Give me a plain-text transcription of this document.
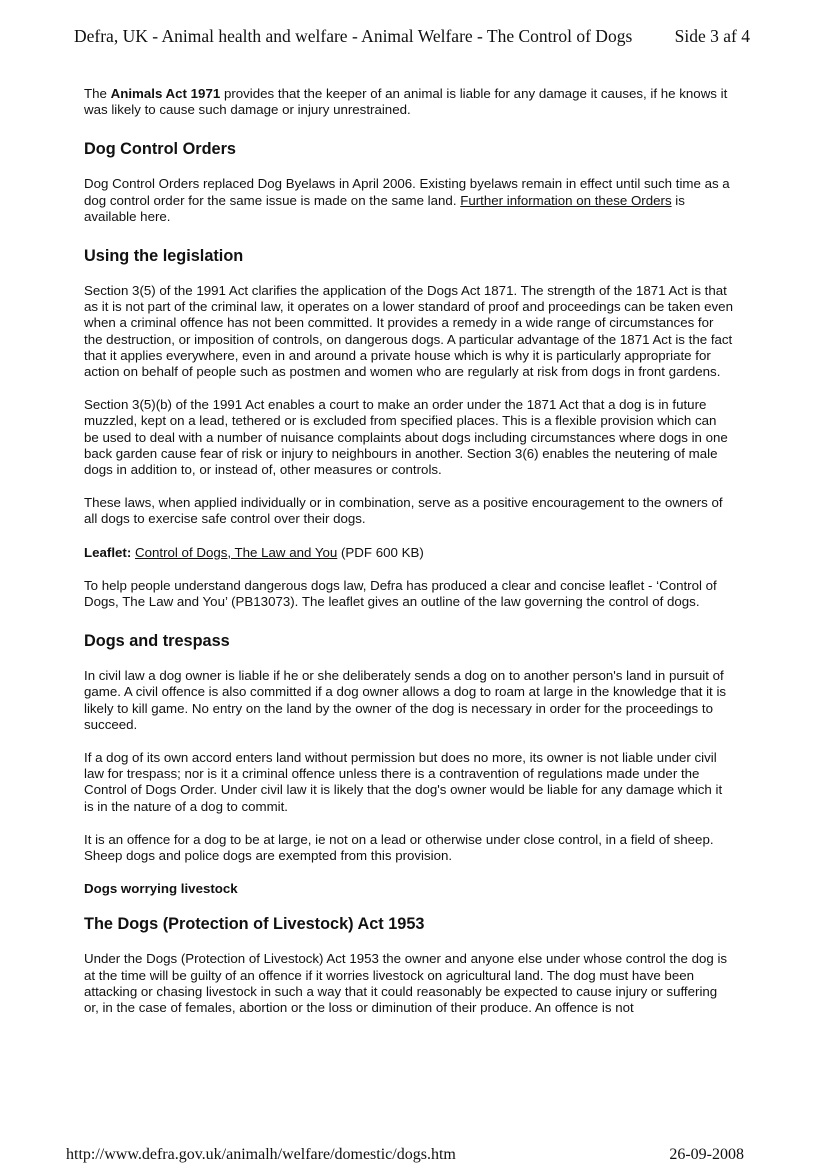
Defra, UK - Animal health and welfare - Animal Welfare - The Control of Dogs Side 3 af 4

The Animals Act 1971 provides that the keeper of an animal is liable for any damage it causes, if he knows it was likely to cause such damage or injury unrestrained.

Dog Control Orders

Dog Control Orders replaced Dog Byelaws in April 2006. Existing byelaws remain in effect until such time as a dog control order for the same issue is made on the same land. Further information on these Orders is available here.

Using the legislation

Section 3(5) of the 1991 Act clarifies the application of the Dogs Act 1871. The strength of the 1871 Act is that as it is not part of the criminal law, it operates on a lower standard of proof and proceedings can be taken even when a criminal offence has not been committed. It provides a remedy in a wide range of circumstances for the destruction, or imposition of controls, on dangerous dogs. A particular advantage of the 1871 Act is the fact that it applies everywhere, even in and around a private house which is why it is particularly appropriate for action on behalf of people such as postmen and women who are regularly at risk from dogs in front gardens.

Section 3(5)(b) of the 1991 Act enables a court to make an order under the 1871 Act that a dog is in future muzzled, kept on a lead, tethered or is excluded from specified places. This is a flexible provision which can be used to deal with a number of nuisance complaints about dogs including circumstances where dogs in one back garden cause fear of risk or injury to neighbours in another. Section 3(6) enables the neutering of male dogs in addition to, or instead of, other measures or controls.

These laws, when applied individually or in combination, serve as a positive encouragement to the owners of all dogs to exercise safe control over their dogs.

Leaflet: Control of Dogs, The Law and You (PDF 600 KB)

To help people understand dangerous dogs law, Defra has produced a clear and concise leaflet - ‘Control of Dogs, The Law and You’ (PB13073). The leaflet gives an outline of the law governing the control of dogs.

Dogs and trespass

In civil law a dog owner is liable if he or she deliberately sends a dog on to another person's land in pursuit of game. A civil offence is also committed if a dog owner allows a dog to roam at large in the knowledge that it is likely to kill game. No entry on the land by the owner of the dog is necessary in order for the proceedings to succeed.

If a dog of its own accord enters land without permission but does no more, its owner is not liable under civil law for trespass; nor is it a criminal offence unless there is a contravention of regulations made under the Control of Dogs Order. Under civil law it is likely that the dog's owner would be liable for any damage which it is in the nature of a dog to commit.

It is an offence for a dog to be at large, ie not on a lead or otherwise under close control, in a field of sheep. Sheep dogs and police dogs are exempted from this provision.

Dogs worrying livestock
The Dogs (Protection of Livestock) Act 1953

Under the Dogs (Protection of Livestock) Act 1953 the owner and anyone else under whose control the dog is at the time will be guilty of an offence if it worries livestock on agricultural land. The dog must have been attacking or chasing livestock in such a way that it could reasonably be expected to cause injury or suffering or, in the case of females, abortion or the loss or diminution of their produce. An offence is not

http://www.defra.gov.uk/animalh/welfare/domestic/dogs.htm	26-09-2008
